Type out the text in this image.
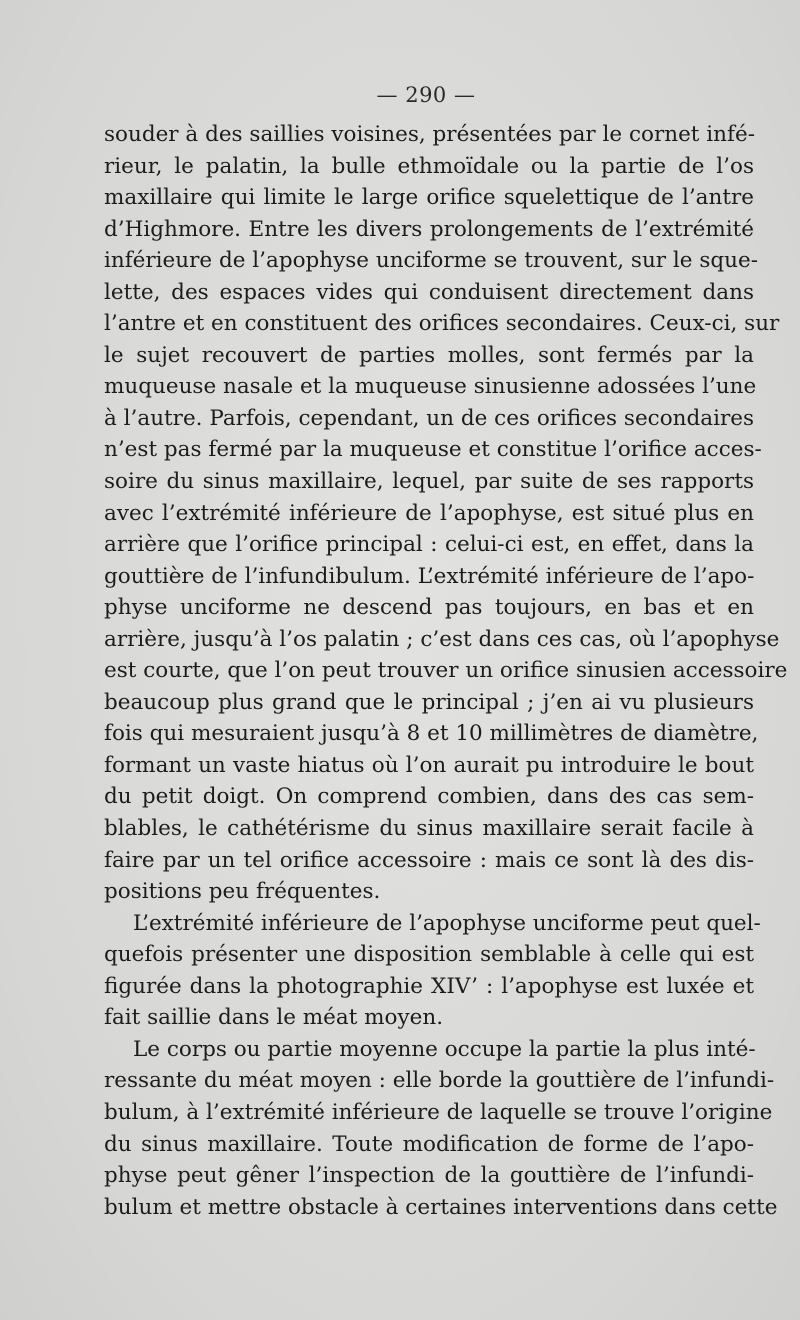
— 290 —
souder à des saillies voisines, présentées par le cornet infé-
rieur, le palatin, la bulle ethmoïdale ou la partie de l’os
maxillaire qui limite le large orifice squelettique de l’antre
d’Highmore. Entre les divers prolongements de l’extrémité
inférieure de l’apophyse unciforme se trouvent, sur le sque-
lette, des espaces vides qui conduisent directement dans
l’antre et en constituent des orifices secondaires. Ceux-ci, sur
le sujet recouvert de parties molles, sont fermés par la
muqueuse nasale et la muqueuse sinusienne adossées l’une
à l’autre. Parfois, cependant, un de ces orifices secondaires
n’est pas fermé par la muqueuse et constitue l’orifice acces-
soire du sinus maxillaire, lequel, par suite de ses rapports
avec l’extrémité inférieure de l’apophyse, est situé plus en
arrière que l’orifice principal : celui-ci est, en effet, dans la
gouttière de l’infundibulum. L’extrémité inférieure de l’apo-
physe unciforme ne descend pas toujours, en bas et en
arrière, jusqu’à l’os palatin ; c’est dans ces cas, où l’apophyse
est courte, que l’on peut trouver un orifice sinusien accessoire
beaucoup plus grand que le principal ; j’en ai vu plusieurs
fois qui mesuraient jusqu’à 8 et 10 millimètres de diamètre,
formant un vaste hiatus où l’on aurait pu introduire le bout
du petit doigt. On comprend combien, dans des cas sem-
blables, le cathétérisme du sinus maxillaire serait facile à
faire par un tel orifice accessoire : mais ce sont là des dis-
positions peu fréquentes.
L’extrémité inférieure de l’apophyse unciforme peut quel-
quefois présenter une disposition semblable à celle qui est
figurée dans la photographie XIV’ : l’apophyse est luxée et
fait saillie dans le méat moyen.
Le corps ou partie moyenne occupe la partie la plus inté-
ressante du méat moyen : elle borde la gouttière de l’infundi-
bulum, à l’extrémité inférieure de laquelle se trouve l’origine
du sinus maxillaire. Toute modification de forme de l’apo-
physe peut gêner l’inspection de la gouttière de l’infundi-
bulum et mettre obstacle à certaines interventions dans cette
